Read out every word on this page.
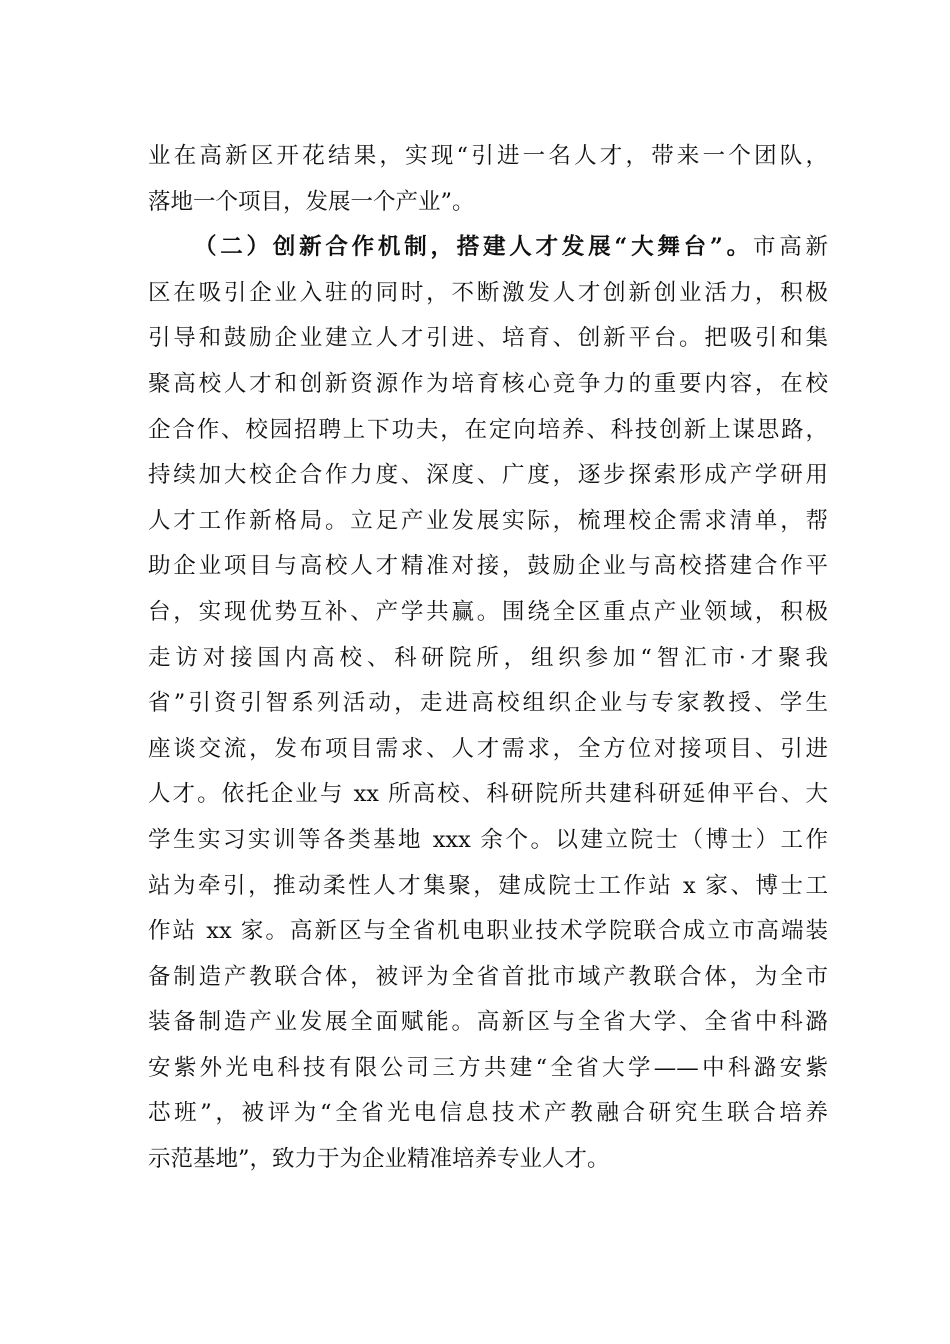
业在高新区开花结果，实现“引进一名人才，带来一个团队，
落地一个项目，发展一个产业”。
（二）创新合作机制，搭建人才发展“大舞台”。市高新
区在吸引企业入驻的同时，不断激发人才创新创业活力，积极
引导和鼓励企业建立人才引进、培育、创新平台。把吸引和集
聚高校人才和创新资源作为培育核心竞争力的重要内容，在校
企合作、校园招聘上下功夫，在定向培养、科技创新上谋思路，
持续加大校企合作力度、深度、广度，逐步探索形成产学研用
人才工作新格局。立足产业发展实际，梳理校企需求清单，帮
助企业项目与高校人才精准对接，鼓励企业与高校搭建合作平
台，实现优势互补、产学共赢。围绕全区重点产业领域，积极
走访对接国内高校、科研院所，组织参加“智汇市·才聚我
省”引资引智系列活动，走进高校组织企业与专家教授、学生
座谈交流，发布项目需求、人才需求，全方位对接项目、引进
人才。依托企业与 xx 所高校、科研院所共建科研延伸平台、大
学生实习实训等各类基地 xxx 余个。以建立院士（博士）工作
站为牵引，推动柔性人才集聚，建成院士工作站 x 家、博士工
作站 xx 家。高新区与全省机电职业技术学院联合成立市高端装
备制造产教联合体，被评为全省首批市域产教联合体，为全市
装备制造产业发展全面赋能。高新区与全省大学、全省中科潞
安紫外光电科技有限公司三方共建“全省大学——中科潞安紫
芯班”，被评为“全省光电信息技术产教融合研究生联合培养
示范基地”，致力于为企业精准培养专业人才。
